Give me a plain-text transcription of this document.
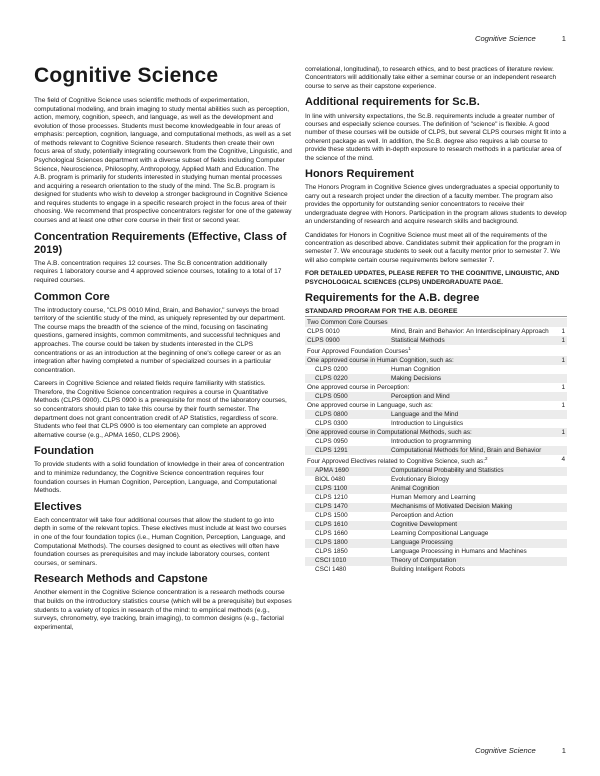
Cognitive Science	1
Cognitive Science

The field of Cognitive Science uses scientific methods of experimentation, computational modeling, and brain imaging to study mental abilities such as perception, action, memory, cognition, speech, and language, as well as the development and evolution of those processes. Students must become knowledgeable in four areas of emphasis: perception, cognition, language, and computational methods, as well as a set of methods relevant to Cognitive Science research. Students then create their own focus area of study, potentially integrating coursework from the Cognitive, Linguistic, and Psychological Sciences department with a diverse subset of fields including Computer Science, Neuroscience, Philosophy, Anthropology, Applied Math and Education. The A.B. program is primarily for students interested in studying human mental processes and acquiring a research orientation to the study of the mind. The Sc.B. program is designed for students who wish to develop a stronger background in Cognitive Science and requires students to engage in a specific research project in the focus area of their choosing. We recommend that prospective concentrators register for one of the gateway courses and at least one other core course in their first or second year.

Concentration Requirements (Effective, Class of 2019)

The A.B. concentration requires 12 courses. The Sc.B concentration additionally requires 1 laboratory course and 4 approved science courses, totaling to a total of 17 required courses.

Common Core

The introductory course, "CLPS 0010 Mind, Brain, and Behavior," surveys the broad territory of the scientific study of the mind, as uniquely represented by our department. The course maps the breadth of the science of the mind, focusing on fascinating questions, garnered insights, common commitments, and successful techniques and approaches. The course could be taken by students interested in the CLPS concentrations or as an introduction at the beginning of one's college career or as an integration after having completed a number of specialized courses in a particular concentration.

Careers in Cognitive Science and related fields require familiarity with statistics. Therefore, the Cognitive Science concentration requires a course in Quantitative Methods (CLPS 0900). CLPS 0900 is a prerequisite for most of the laboratory courses, so concentrators should plan to take this course by their fourth semester. The department does not grant concentration credit of AP Statistics, regardless of score. Students who feel that CLPS 0900 is too elementary can complete an approved alternative course (e.g., APMA 1650, CLPS 2906).

Foundation

To provide students with a solid foundation of knowledge in their area of concentration and to minimize redundancy, the Cognitive Science concentration requires four foundation courses in Human Cognition, Perception, Language, and Computational Methods.

Electives

Each concentrator will take four additional courses that allow the student to go into depth in some of the relevant topics. These electives must include at least two courses in one of the four foundation topics (i.e., Human Cognition, Perception, Language, and Computational Methods). The courses designed to count as electives will often have foundation courses as prerequisites and may include laboratory courses, content courses, or seminars.

Research Methods and Capstone

Another element in the Cognitive Science concentration is a research methods course that builds on the introductory statistics course (which will be a prerequisite) but exposes students to a variety of topics in research of the mind: to empirical methods (e.g., surveys, chronometry, eye tracking, brain imaging), to common designs (e.g., factorial experimental,

correlational, longitudinal), to research ethics, and to best practices of literature review. Concentrators will additionally take either a seminar course or an independent research course to serve as their capstone experience.

Additional requirements for Sc.B.

In line with university expectations, the Sc.B. requirements include a greater number of courses and especially science courses. The definition of "science" is flexible. A good number of these courses will be outside of CLPS, but several CLPS courses might fit into a coherent package as well. In addition, the Sc.B. degree also requires a lab course to provide these students with in-depth exposure to research methods in a particular area of the science of the mind.

Honors Requirement

The Honors Program in Cognitive Science gives undergraduates a special opportunity to carry out a research project under the direction of a faculty member. The program also provides the opportunity for outstanding senior concentrators to receive their undergraduate degree with Honors. Participation in the program allows students to develop an understanding of research and acquire research skills and background.

Candidates for Honors in Cognitive Science must meet all of the requirements of the concentration as described above. Candidates submit their application for the program in semester 7. We encourage students to seek out a faculty mentor prior to semester 7. We will also complete certain course requirements before semester 7.

FOR DETAILED UPDATES, PLEASE REFER TO THE COGNITIVE, LINGUISTIC, AND PSYCHOLOGICAL SCIENCES (CLPS) UNDERGRADUATE PAGE.

Requirements for the A.B. degree
STANDARD PROGRAM FOR THE A.B. DEGREE
Two Common Core Courses		
CLPS 0010	Mind, Brain and Behavior: An Interdisciplinary Approach	1
CLPS 0900	Statistical Methods	1
Four Approved Foundation Courses$^1$	
One approved course in Human Cognition, such as:		1
CLPS 0200	Human Cognition	
CLPS 0220	Making Decisions	
One approved course in Perception:		1
CLPS 0500	Perception and Mind	
One approved course in Language, such as:		1
CLPS 0800	Language and the Mind	
CLPS 0300	Introduction to Linguistics	
One approved course in Computational Methods, such as:		1
CLPS 0950	Introduction to programming	
CLPS 1291	Computational Methods for Mind, Brain and Behavior	
Four Approved Electives related to Cognitive Science, such as:$^2$		4
APMA 1690	Computational Probability and Statistics	
BIOL 0480	Evolutionary Biology	
CLPS 1100	Animal Cognition	
CLPS 1210	Human Memory and Learning	
CLPS 1470	Mechanisms of Motivated Decision Making	
CLPS 1500	Perception and Action	
CLPS 1610	Cognitive Development	
CLPS 1660	Learning Compositional Language	
CLPS 1800	Language Processing	
CLPS 1850	Language Processing in Humans and Machines	
CSCI 1010	Theory of Computation	
CSCI 1480	Building Intelligent Robots	
Cognitive Science	1
